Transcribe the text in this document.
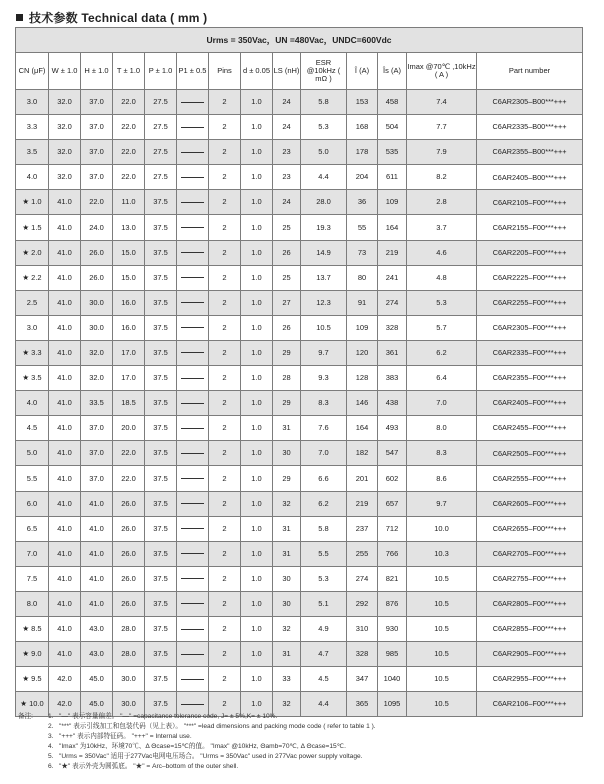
技术参数 Technical data ( mm )
Urms = 350Vac，UN =480Vac，UNDC=600Vdc													
CN (μF)	W ± 1.0	H ± 1.0	T ± 1.0	P ± 1.0	P1 ± 0.5	Pins	d ± 0.05	LS (nH)	ESR @10kHz ( mΩ )	Î (A)	Îs (A)	Imax @70℃ ,10kHz ( A )	Part number
3.0	32.0	37.0	22.0	27.5		2	1.0	24	5.8	153	458	7.4	C6AR2305–B00***+++
3.3	32.0	37.0	22.0	27.5		2	1.0	24	5.3	168	504	7.7	C6AR2335–B00***+++
3.5	32.0	37.0	22.0	27.5		2	1.0	23	5.0	178	535	7.9	C6AR2355–B00***+++
4.0	32.0	37.0	22.0	27.5		2	1.0	23	4.4	204	611	8.2	C6AR2405–B00***+++
★ 1.0	41.0	22.0	11.0	37.5		2	1.0	24	28.0	36	109	2.8	C6AR2105–F00***+++
★ 1.5	41.0	24.0	13.0	37.5		2	1.0	25	19.3	55	164	3.7	C6AR2155–F00***+++
★ 2.0	41.0	26.0	15.0	37.5		2	1.0	26	14.9	73	219	4.6	C6AR2205–F00***+++
★ 2.2	41.0	26.0	15.0	37.5		2	1.0	25	13.7	80	241	4.8	C6AR2225–F00***+++
2.5	41.0	30.0	16.0	37.5		2	1.0	27	12.3	91	274	5.3	C6AR2255–F00***+++
3.0	41.0	30.0	16.0	37.5		2	1.0	26	10.5	109	328	5.7	C6AR2305–F00***+++
★ 3.3	41.0	32.0	17.0	37.5		2	1.0	29	9.7	120	361	6.2	C6AR2335–F00***+++
★ 3.5	41.0	32.0	17.0	37.5		2	1.0	28	9.3	128	383	6.4	C6AR2355–F00***+++
4.0	41.0	33.5	18.5	37.5		2	1.0	29	8.3	146	438	7.0	C6AR2405–F00***+++
4.5	41.0	37.0	20.0	37.5		2	1.0	31	7.6	164	493	8.0	C6AR2455–F00***+++
5.0	41.0	37.0	22.0	37.5		2	1.0	30	7.0	182	547	8.3	C6AR2505–F00***+++
5.5	41.0	37.0	22.0	37.5		2	1.0	29	6.6	201	602	8.6	C6AR2555–F00***+++
6.0	41.0	41.0	26.0	37.5		2	1.0	32	6.2	219	657	9.7	C6AR2605–F00***+++
6.5	41.0	41.0	26.0	37.5		2	1.0	31	5.8	237	712	10.0	C6AR2655–F00***+++
7.0	41.0	41.0	26.0	37.5		2	1.0	31	5.5	255	766	10.3	C6AR2705–F00***+++
7.5	41.0	41.0	26.0	37.5		2	1.0	30	5.3	274	821	10.5	C6AR2755–F00***+++
8.0	41.0	41.0	26.0	37.5		2	1.0	30	5.1	292	876	10.5	C6AR2805–F00***+++
★ 8.5	41.0	43.0	28.0	37.5		2	1.0	32	4.9	310	930	10.5	C6AR2855–F00***+++
★ 9.0	41.0	43.0	28.0	37.5		2	1.0	31	4.7	328	985	10.5	C6AR2905–F00***+++
★ 9.5	42.0	45.0	30.0	37.5		2	1.0	33	4.5	347	1040	10.5	C6AR2955–F00***+++
★ 10.0	42.0	45.0	30.0	37.5		2	1.0	32	4.4	365	1095	10.5	C6AR2106–F00***+++
备注:	1. "—" 表示容量偏差。 "—" =capacitance tolerance code, J= ± 5%,K= ± 10%.
2. "***" 表示引线加工和包装代码（见上表）。 "***" =lead dimensions and packing mode code ( refer to table 1 ).
3. "+++" 表示内部特征码。 "+++" = Internal use.
4. "Imax" 为10kHz、环境70℃、Δ Θcase=15℃的值。 "Imax" @10kHz, Θamb=70℃, Δ Θcase=15℃.
5. "Urms = 350Vac" 适用于277Vac电网电压场合。 "Urms = 350Vac" used in 277Vac power supply voltage.
6. "★" 表示外壳为圆弧底。 "★" = Arc–bottom of the outer shell.
